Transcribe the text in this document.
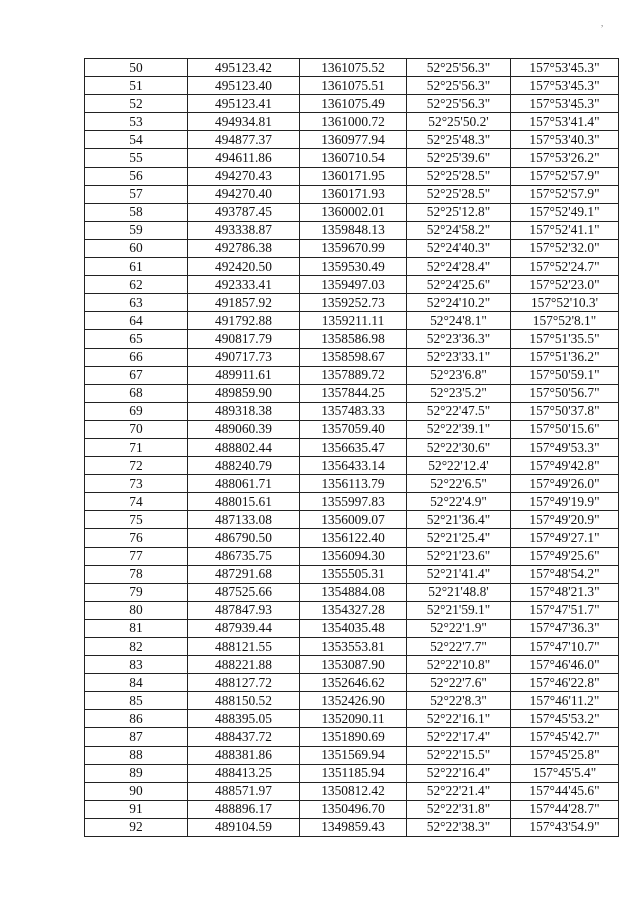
,
50	495123.42	1361075.52	52°25'56.3"	157°53'45.3"
51	495123.40	1361075.51	52°25'56.3"	157°53'45.3"
52	495123.41	1361075.49	52°25'56.3"	157°53'45.3"
53	494934.81	1361000.72	52°25'50.2'	157°53'41.4"
54	494877.37	1360977.94	52°25'48.3"	157°53'40.3"
55	494611.86	1360710.54	52°25'39.6"	157°53'26.2"
56	494270.43	1360171.95	52°25'28.5"	157°52'57.9"
57	494270.40	1360171.93	52°25'28.5"	157°52'57.9"
58	493787.45	1360002.01	52°25'12.8"	157°52'49.1"
59	493338.87	1359848.13	52°24'58.2"	157°52'41.1"
60	492786.38	1359670.99	52°24'40.3"	157°52'32.0"
61	492420.50	1359530.49	52°24'28.4"	157°52'24.7"
62	492333.41	1359497.03	52°24'25.6"	157°52'23.0"
63	491857.92	1359252.73	52°24'10.2"	157°52'10.3'
64	491792.88	1359211.11	52°24'8.1"	157°52'8.1"
65	490817.79	1358586.98	52°23'36.3"	157°51'35.5"
66	490717.73	1358598.67	52°23'33.1"	157°51'36.2"
67	489911.61	1357889.72	52°23'6.8"	157°50'59.1"
68	489859.90	1357844.25	52°23'5.2"	157°50'56.7"
69	489318.38	1357483.33	52°22'47.5"	157°50'37.8"
70	489060.39	1357059.40	52°22'39.1"	157°50'15.6"
71	488802.44	1356635.47	52°22'30.6"	157°49'53.3"
72	488240.79	1356433.14	52°22'12.4'	157°49'42.8"
73	488061.71	1356113.79	52°22'6.5"	157°49'26.0"
74	488015.61	1355997.83	52°22'4.9"	157°49'19.9"
75	487133.08	1356009.07	52°21'36.4"	157°49'20.9"
76	486790.50	1356122.40	52°21'25.4"	157°49'27.1"
77	486735.75	1356094.30	52°21'23.6"	157°49'25.6"
78	487291.68	1355505.31	52°21'41.4"	157°48'54.2"
79	487525.66	1354884.08	52°21'48.8'	157°48'21.3"
80	487847.93	1354327.28	52°21'59.1"	157°47'51.7"
81	487939.44	1354035.48	52°22'1.9"	157°47'36.3"
82	488121.55	1353553.81	52°22'7.7"	157°47'10.7"
83	488221.88	1353087.90	52°22'10.8"	157°46'46.0"
84	488127.72	1352646.62	52°22'7.6"	157°46'22.8"
85	488150.52	1352426.90	52°22'8.3"	157°46'11.2"
86	488395.05	1352090.11	52°22'16.1"	157°45'53.2"
87	488437.72	1351890.69	52°22'17.4"	157°45'42.7"
88	488381.86	1351569.94	52°22'15.5"	157°45'25.8"
89	488413.25	1351185.94	52°22'16.4"	157°45'5.4"
90	488571.97	1350812.42	52°22'21.4"	157°44'45.6"
91	488896.17	1350496.70	52°22'31.8"	157°44'28.7"
92	489104.59	1349859.43	52°22'38.3"	157°43'54.9"
